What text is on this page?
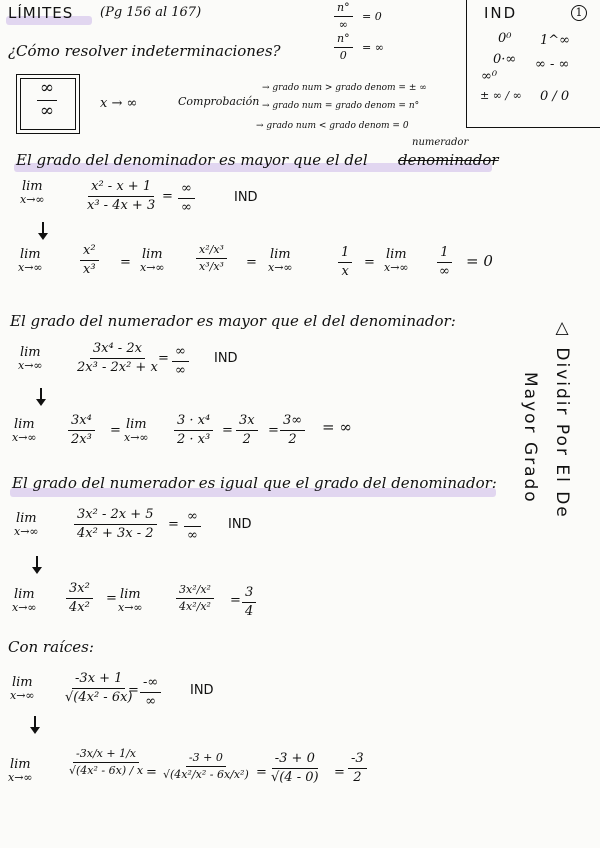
LÍMITES (Pg 156 al 167)	n°
∞
= 0
$\frac{n^\circ}{0}$ = ∞
¿Cómo resolver indeterminaciones?
IND	1
0⁰ 1^∞
0·∞ ∞ - ∞
∞⁰
± ∞ / ∞ 0 / 0
∞
∞	x → ∞	Comprobación
→ grado num > grado denom = ± ∞
→ grado num = grado denom = n°
→ grado num < grado denom = 0
El grado del denominador es mayor que el del denominador
numerador
lim
x→∞	$\frac{\text{x² - x + 1}}{\text{x³ - 4x + 3}}$ =
∞
∞
IND
lim
x→∞	$\frac{\text{x²}}{\text{x³}}$ =
lim
x→∞	$\frac{\text{x²/x³}}{\text{x³/x³}}$ =
lim
x→∞	$\frac{1}{x}$ =
lim
x→∞
1
∞
= 0
△ Dividir Por El De
Mayor Grado
El grado del numerador es mayor que el del denominador:
lim
$x\to\infty \frac{\text{3x⁴ - 2x}}{\text{2x³ - 2x² + x}}$
= ∞
∞
IND
lim
$x\to\infty \frac{\text{3x⁴}}{\text{2x³}} = \lim$
$x\to\infty \frac{\text{3 · x⁴}}{\text{2 · x³}} = \frac{3x}{2} = \frac{3\infty}{2}$ = ∞
El grado del numerador es igual que el grado del denominador:
lim
x→∞	$\frac{\text{3x² - 2x + 5}}{\text{4x² + 3x - 2}}$ =
∞
∞
IND
lim
$x\to\infty \frac{\text{3x²}}{\text{4x²}} = \lim$
x→∞	$\frac{\text{3x²/x²}}{\text{4x²/x²}} = \frac{3}{4}$
Con raíces:
lim
$x\to\infty \frac{-3x + 1}{\text{√(4x² - 6x)}}$
=
-∞
∞
IND
lim
x→∞
$\frac{-3x/x + 1/x}{\text{√(4x² - 6x) / x}} = \frac{-3 + 0}{\text{√(4x²/x² - 6x/x²)}} = \frac{-3 + 0}{√(4 - 0)} = \frac{-3}{2}$
